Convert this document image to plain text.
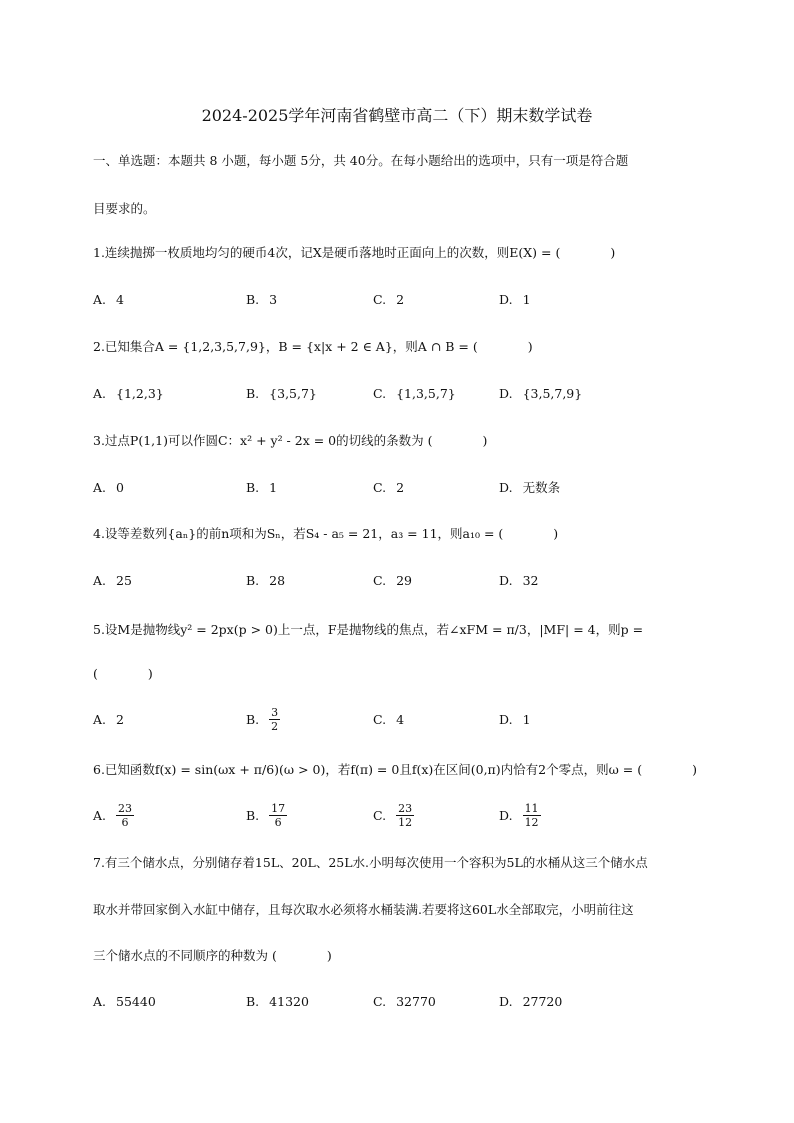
2024-2025学年河南省鹤壁市高二（下）期末数学试卷
一、单选题：本题共 8 小题，每小题 5分，共 40分。在每小题给出的选项中，只有一项是符合题
目要求的。
1.连续抛掷一枚质地均匀的硬币4次，记X是硬币落地时正面向上的次数，则E(X) = (　　　　)
A. 4	B. 3	C. 2	D. 1
2.已知集合A = {1,2,3,5,7,9}，B = {x|x + 2 ∈ A}，则A ∩ B = (　　　　)
A. {1,2,3}	B. {3,5,7}	C. {1,3,5,7}	D. {3,5,7,9}
3.过点P(1,1)可以作圆C：x² + y² - 2x = 0的切线的条数为 (　　　　)
A. 0	B. 1	C. 2	D. 无数条
4.设等差数列{aₙ}的前n项和为Sₙ，若S₄ - a₅ = 21，a₃ = 11，则a₁₀ = (　　　　)
A. 25	B. 28	C. 29	D. 32
5.设M是抛物线y² = 2px(p > 0)上一点，F是抛物线的焦点，若∠xFM = π/3，|MF| = 4，则p =
(　　　　)
A. 2	B. $\frac{3}{2}$	C. 4	D. 1
6.已知函数f(x) = sin(ωx + π/6)(ω > 0)，若f(π) = 0且f(x)在区间(0,π)内恰有2个零点，则ω = (　　　　)
A. $\frac{23}{6}$	B. $\frac{17}{6}$	C. $\frac{23}{12}$	D. $\frac{11}{12}$
7.有三个储水点，分别储存着15L、20L、25L水.小明每次使用一个容积为5L的水桶从这三个储水点
取水并带回家倒入水缸中储存，且每次取水必须将水桶装满.若要将这60L水全部取完，小明前往这
三个储水点的不同顺序的种数为 (　　　　)
A. 55440	B. 41320	C. 32770	D. 27720
